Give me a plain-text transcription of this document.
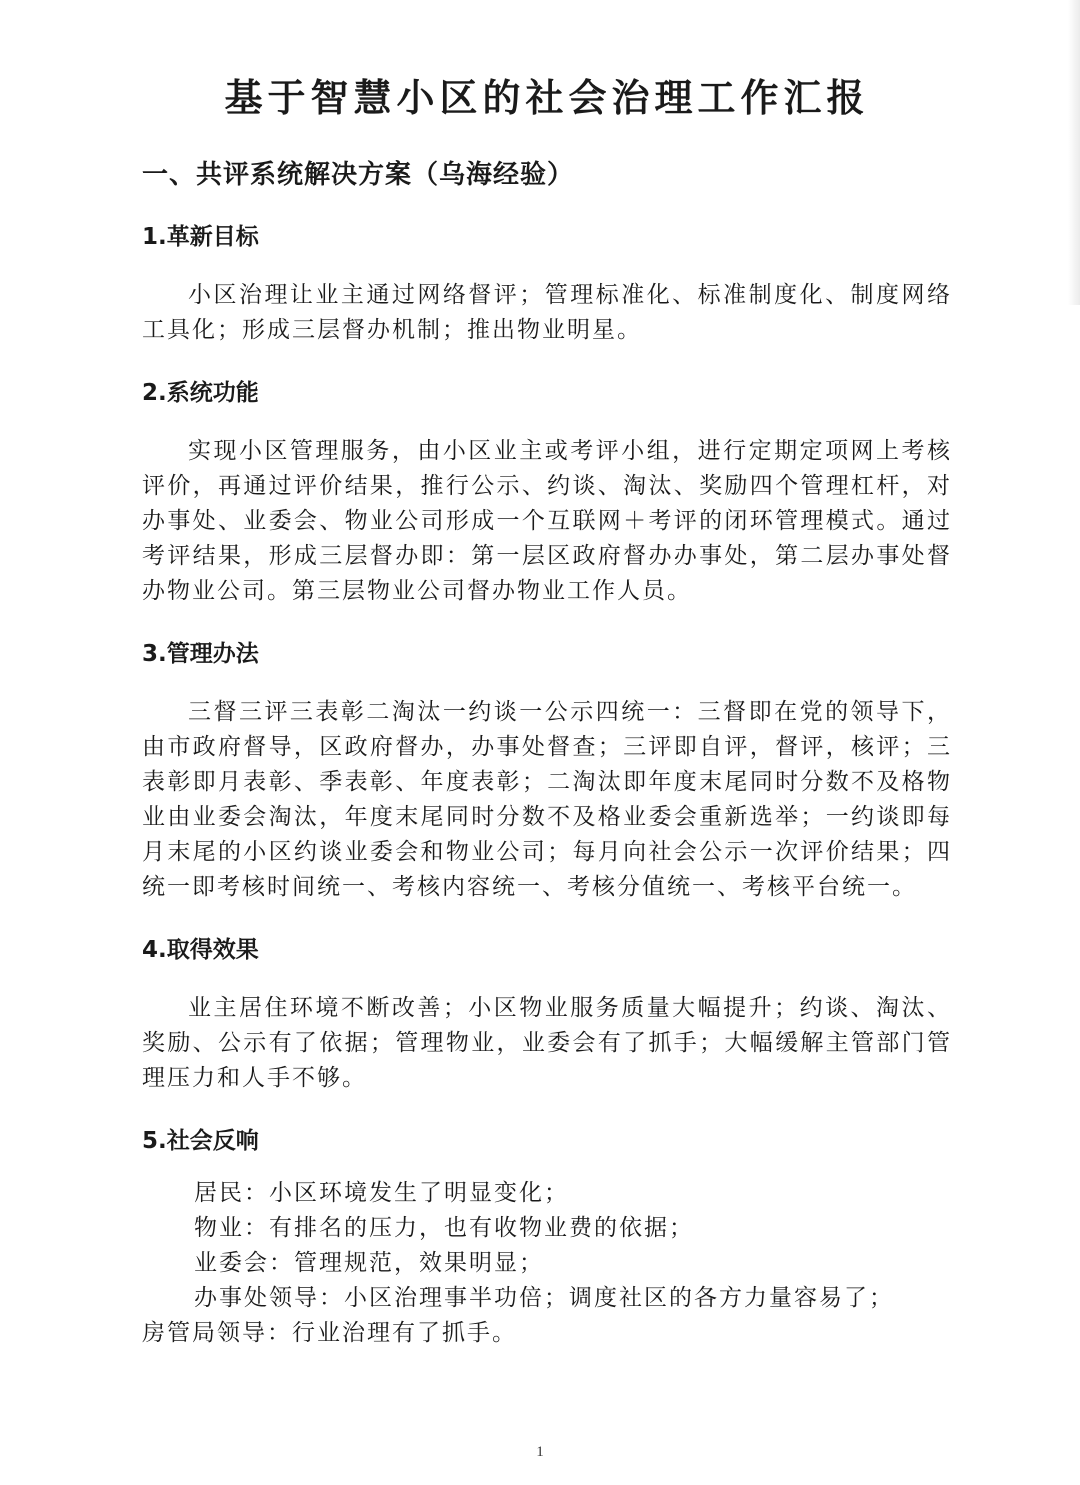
基于智慧小区的社会治理工作汇报
一、共评系统解决方案（乌海经验）
1.革新目标

小区治理让业主通过网络督评；管理标准化、标准制度化、制度网络工具化；形成三层督办机制；推出物业明星。

2.系统功能

实现小区管理服务，由小区业主或考评小组，进行定期定项网上考核评价，再通过评价结果，推行公示、约谈、淘汰、奖励四个管理杠杆，对办事处、业委会、物业公司形成一个互联网＋考评的闭环管理模式。通过考评结果，形成三层督办即：第一层区政府督办办事处，第二层办事处督办物业公司。第三层物业公司督办物业工作人员。

3.管理办法

三督三评三表彰二淘汰一约谈一公示四统一：三督即在党的领导下，由市政府督导，区政府督办，办事处督查；三评即自评，督评，核评；三表彰即月表彰、季表彰、年度表彰；二淘汰即年度末尾同时分数不及格物业由业委会淘汰，年度末尾同时分数不及格业委会重新选举；一约谈即每月末尾的小区约谈业委会和物业公司；每月向社会公示一次评价结果；四统一即考核时间统一、考核内容统一、考核分值统一、考核平台统一。

4.取得效果

业主居住环境不断改善；小区物业服务质量大幅提升；约谈、淘汰、奖励、公示有了依据；管理物业，业委会有了抓手；大幅缓解主管部门管理压力和人手不够。

5.社会反响
居民：小区环境发生了明显变化；
物业：有排名的压力，也有收物业费的依据；
业委会：管理规范，效果明显；
办事处领导：小区治理事半功倍；调度社区的各方力量容易了；
房管局领导：行业治理有了抓手。
1
